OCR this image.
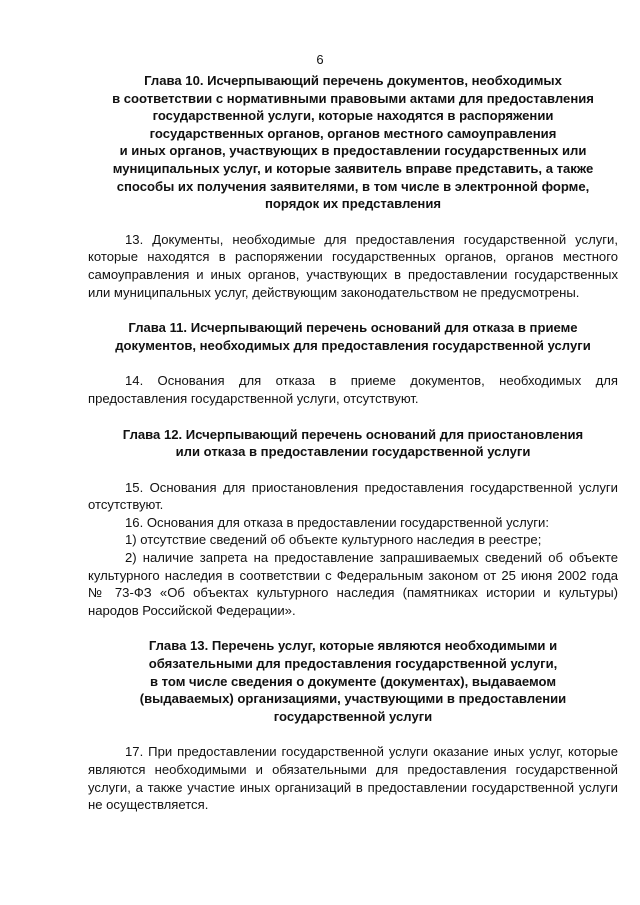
6
Глава 10. Исчерпывающий перечень документов, необходимых
в соответствии с нормативными правовыми актами для предоставления
государственной услуги, которые находятся в распоряжении
государственных органов, органов местного самоуправления
и иных органов, участвующих в предоставлении государственных или
муниципальных услуг, и которые заявитель вправе представить, а также
способы их получения заявителями, в том числе в электронной форме,
порядок их представления

13. Документы, необходимые для предоставления государственной услуги, которые находятся в распоряжении государственных органов, органов местного самоуправления и иных органов, участвующих в предоставлении государственных или муниципальных услуг, действующим законодательством не предусмотрены.

Глава 11. Исчерпывающий перечень оснований для отказа в приеме
документов, необходимых для предоставления государственной услуги

14. Основания для отказа в приеме документов, необходимых для предоставления государственной услуги, отсутствуют.

Глава 12. Исчерпывающий перечень оснований для приостановления
или отказа в предоставлении государственной услуги

15. Основания для приостановления предоставления государственной услуги отсутствуют.

16. Основания для отказа в предоставлении государственной услуги:

1) отсутствие сведений об объекте культурного наследия в реестре;

2) наличие запрета на предоставление запрашиваемых сведений об объекте культурного наследия в соответствии с Федеральным законом от 25 июня 2002 года № 73-ФЗ «Об объектах культурного наследия (памятниках истории и культуры) народов Российской Федерации».

Глава 13. Перечень услуг, которые являются необходимыми и
обязательными для предоставления государственной услуги,
в том числе сведения о документе (документах), выдаваемом
(выдаваемых) организациями, участвующими в предоставлении
государственной услуги

17. При предоставлении государственной услуги оказание иных услуг, которые являются необходимыми и обязательными для предоставления государственной услуги, а также участие иных организаций в предоставлении государственной услуги не осуществляется.
